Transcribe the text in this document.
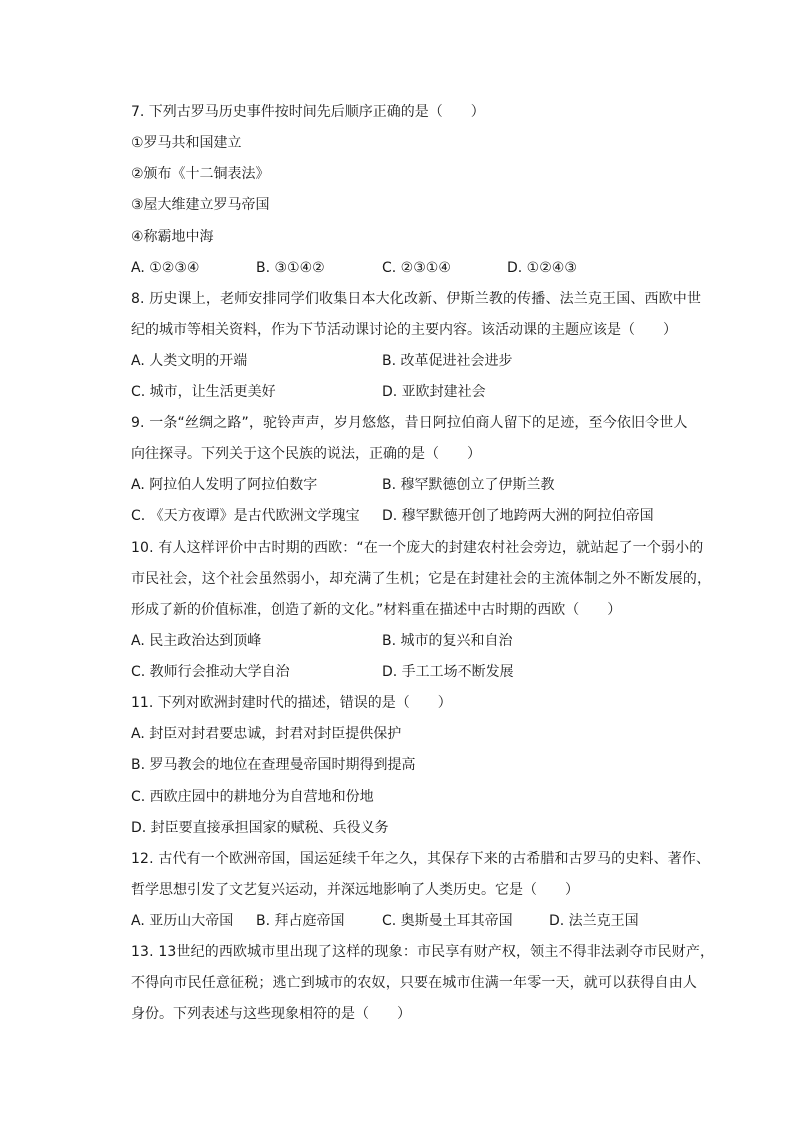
7. 下列古罗马历史事件按时间先后顺序正确的是（　　）
①罗马共和国建立
②颁布《十二铜表法》
③屋大维建立罗马帝国
④称霸地中海
A. ①②③④	B. ③①④②	C. ②③①④	D. ①②④③
8. 历史课上，老师安排同学们收集日本大化改新、伊斯兰教的传播、法兰克王国、西欧中世
纪的城市等相关资料，作为下节活动课讨论的主要内容。该活动课的主题应该是（　　）
A. 人类文明的开端	B. 改革促进社会进步
C. 城市，让生活更美好	D. 亚欧封建社会
9. 一条“丝绸之路”，驼铃声声，岁月悠悠，昔日阿拉伯商人留下的足迹，至今依旧令世人
向往探寻。下列关于这个民族的说法，正确的是（　　）
A. 阿拉伯人发明了阿拉伯数字	B. 穆罕默德创立了伊斯兰教
C. 《天方夜谭》是古代欧洲文学瑰宝 D. 穆罕默德开创了地跨两大洲的阿拉伯帝国
10. 有人这样评价中古时期的西欧：“在一个庞大的封建农村社会旁边，就站起了一个弱小的
市民社会，这个社会虽然弱小，却充满了生机；它是在封建社会的主流体制之外不断发展的，
形成了新的价值标准，创造了新的文化。”材料重在描述中古时期的西欧（　　）
A. 民主政治达到顶峰	B. 城市的复兴和自治
C. 教师行会推动大学自治	D. 手工工场不断发展
11. 下列对欧洲封建时代的描述，错误的是（　　）
A. 封臣对封君要忠诚，封君对封臣提供保护
B. 罗马教会的地位在查理曼帝国时期得到提高
C. 西欧庄园中的耕地分为自营地和份地
D. 封臣要直接承担国家的赋税、兵役义务
12. 古代有一个欧洲帝国，国运延续千年之久，其保存下来的古希腊和古罗马的史料、著作、
哲学思想引发了文艺复兴运动，并深远地影响了人类历史。它是（　　）
A. 亚历山大帝国 B. 拜占庭帝国	C. 奥斯曼土耳其帝国	D. 法兰克王国
13. 13世纪的西欧城市里出现了这样的现象：市民享有财产权，领主不得非法剥夺市民财产，
不得向市民任意征税；逃亡到城市的农奴，只要在城市住满一年零一天，就可以获得自由人
身份。下列表述与这些现象相符的是（　　）
